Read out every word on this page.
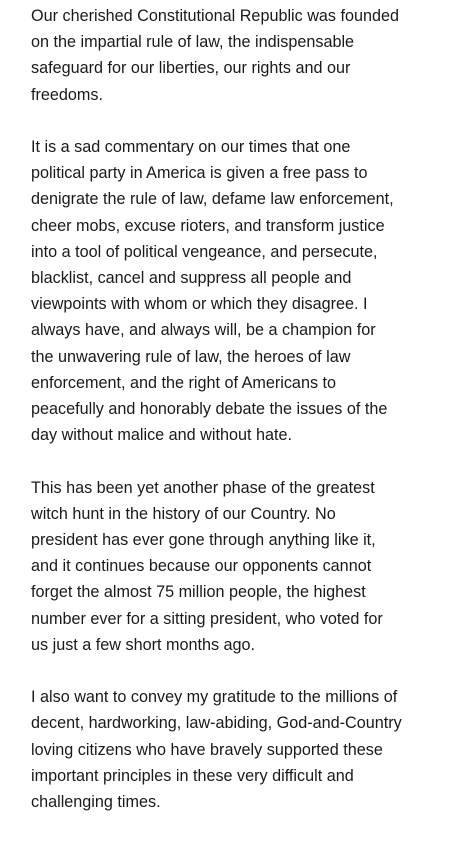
Our cherished Constitutional Republic was founded
on the impartial rule of law, the indispensable
safeguard for our liberties, our rights and our
freedoms.

It is a sad commentary on our times that one
political party in America is given a free pass to
denigrate the rule of law, defame law enforcement,
cheer mobs, excuse rioters, and transform justice
into a tool of political vengeance, and persecute,
blacklist, cancel and suppress all people and
viewpoints with whom or which they disagree. I
always have, and always will, be a champion for
the unwavering rule of law, the heroes of law
enforcement, and the right of Americans to
peacefully and honorably debate the issues of the
day without malice and without hate.

This has been yet another phase of the greatest
witch hunt in the history of our Country. No
president has ever gone through anything like it,
and it continues because our opponents cannot
forget the almost 75 million people, the highest
number ever for a sitting president, who voted for
us just a few short months ago.

I also want to convey my gratitude to the millions of
decent, hardworking, law-abiding, God-and-Country
loving citizens who have bravely supported these
important principles in these very difficult and
challenging times.
